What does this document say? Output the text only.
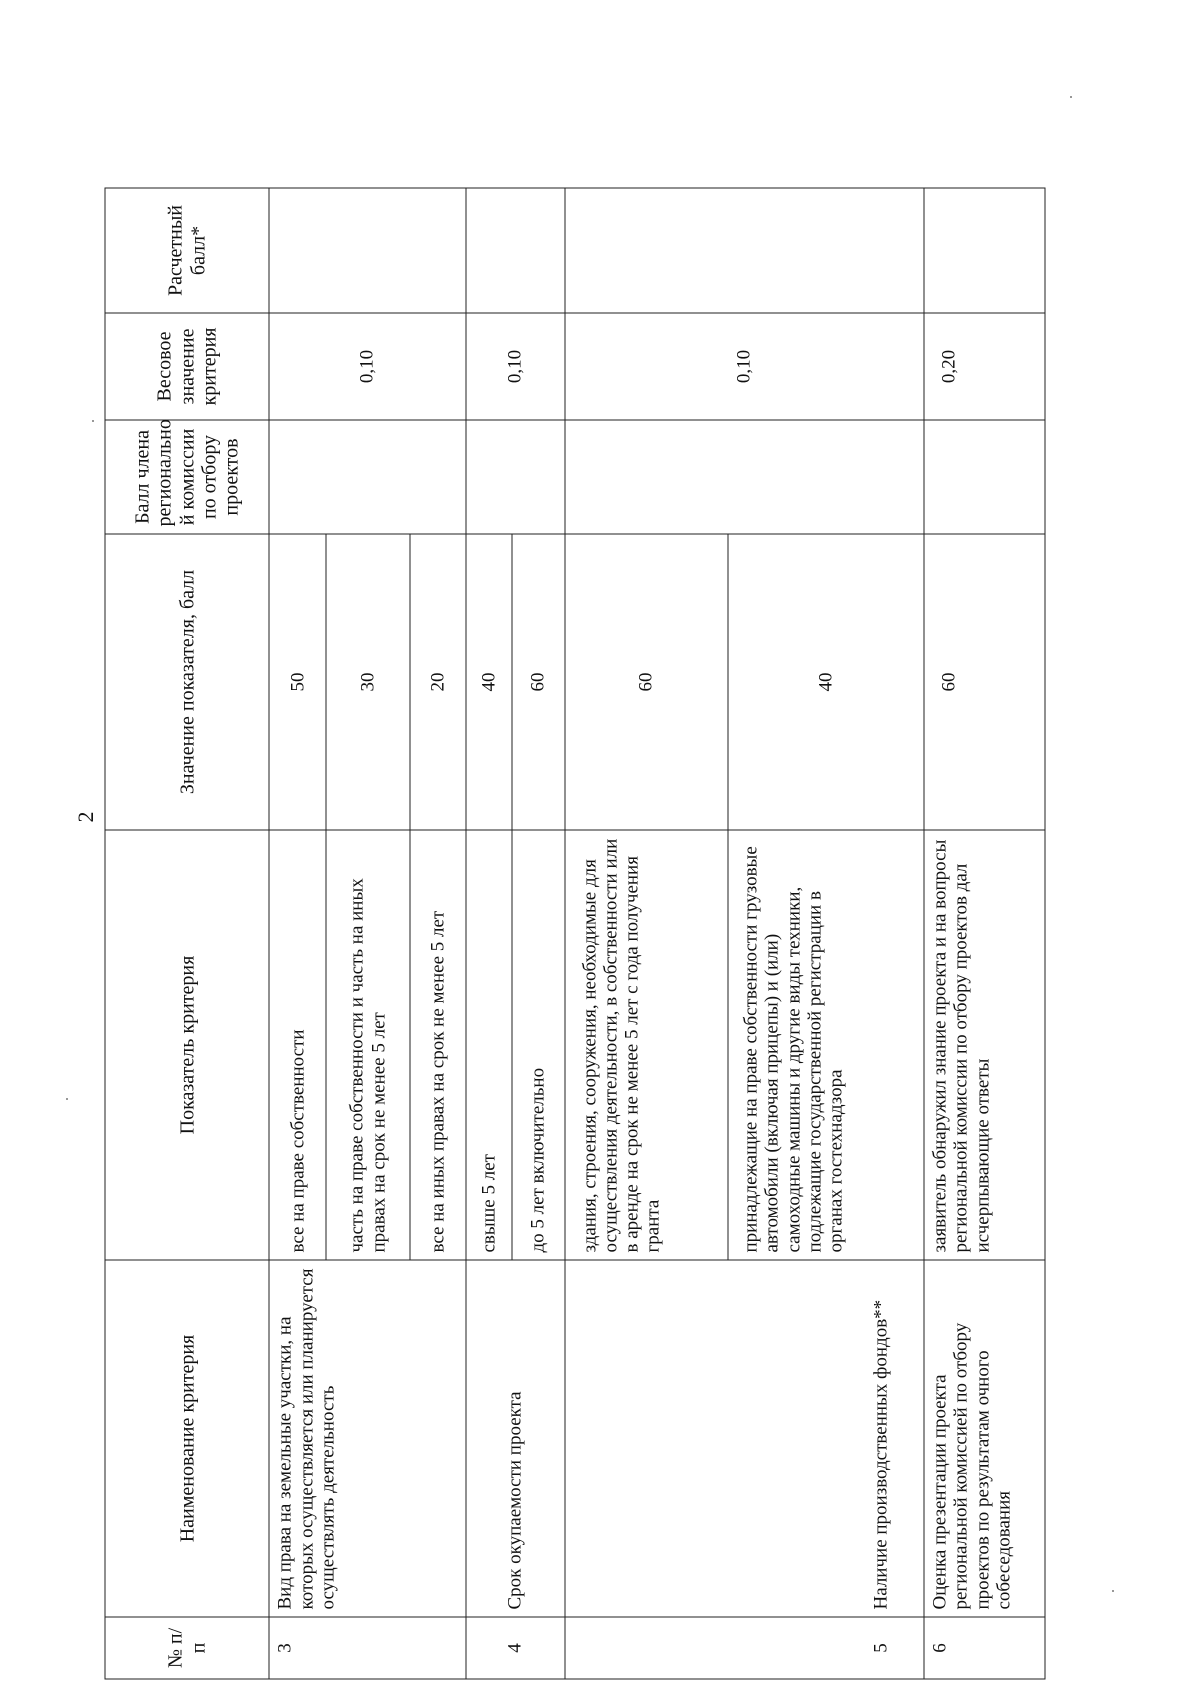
2
№ п/п	Наименование критерия	Показатель критерия	Значение показателя, балл	Балл члена регионально й комиссии по отбору проектов	Весовое значение критерия	Расчетный балл*
3	Вид права на земельные участки, на которых осуществляется или планируется осуществлять деятельность	все на праве собственности	50		0,10	
		часть на праве собственности и часть на иных правах на срок не менее 5 лет	30			
		все на иных правах на срок не менее 5 лет	20			
4	Срок окупаемости проекта	свыше 5 лет	40		0,10	
		до 5 лет включительно	60			
5	Наличие производственных фондов**	здания, строения, сооружения, необходимые для осуществления деятельности, в собственности или в аренде на срок не менее 5 лет с года получения гранта	60		0,10	
		принадлежащие на праве собственности грузовые автомобили (включая прицепы) и (или) самоходные машины и другие виды техники, подлежащие государственной регистрации в органах гостехнадзора	40			
6	Оценка презентации проекта региональной комиссией по отбору проектов по результатам очного собеседования	заявитель обнаружил знание проекта и на вопросы региональной комиссии по отбору проектов дал исчерпывающие ответы	60		0,20	
